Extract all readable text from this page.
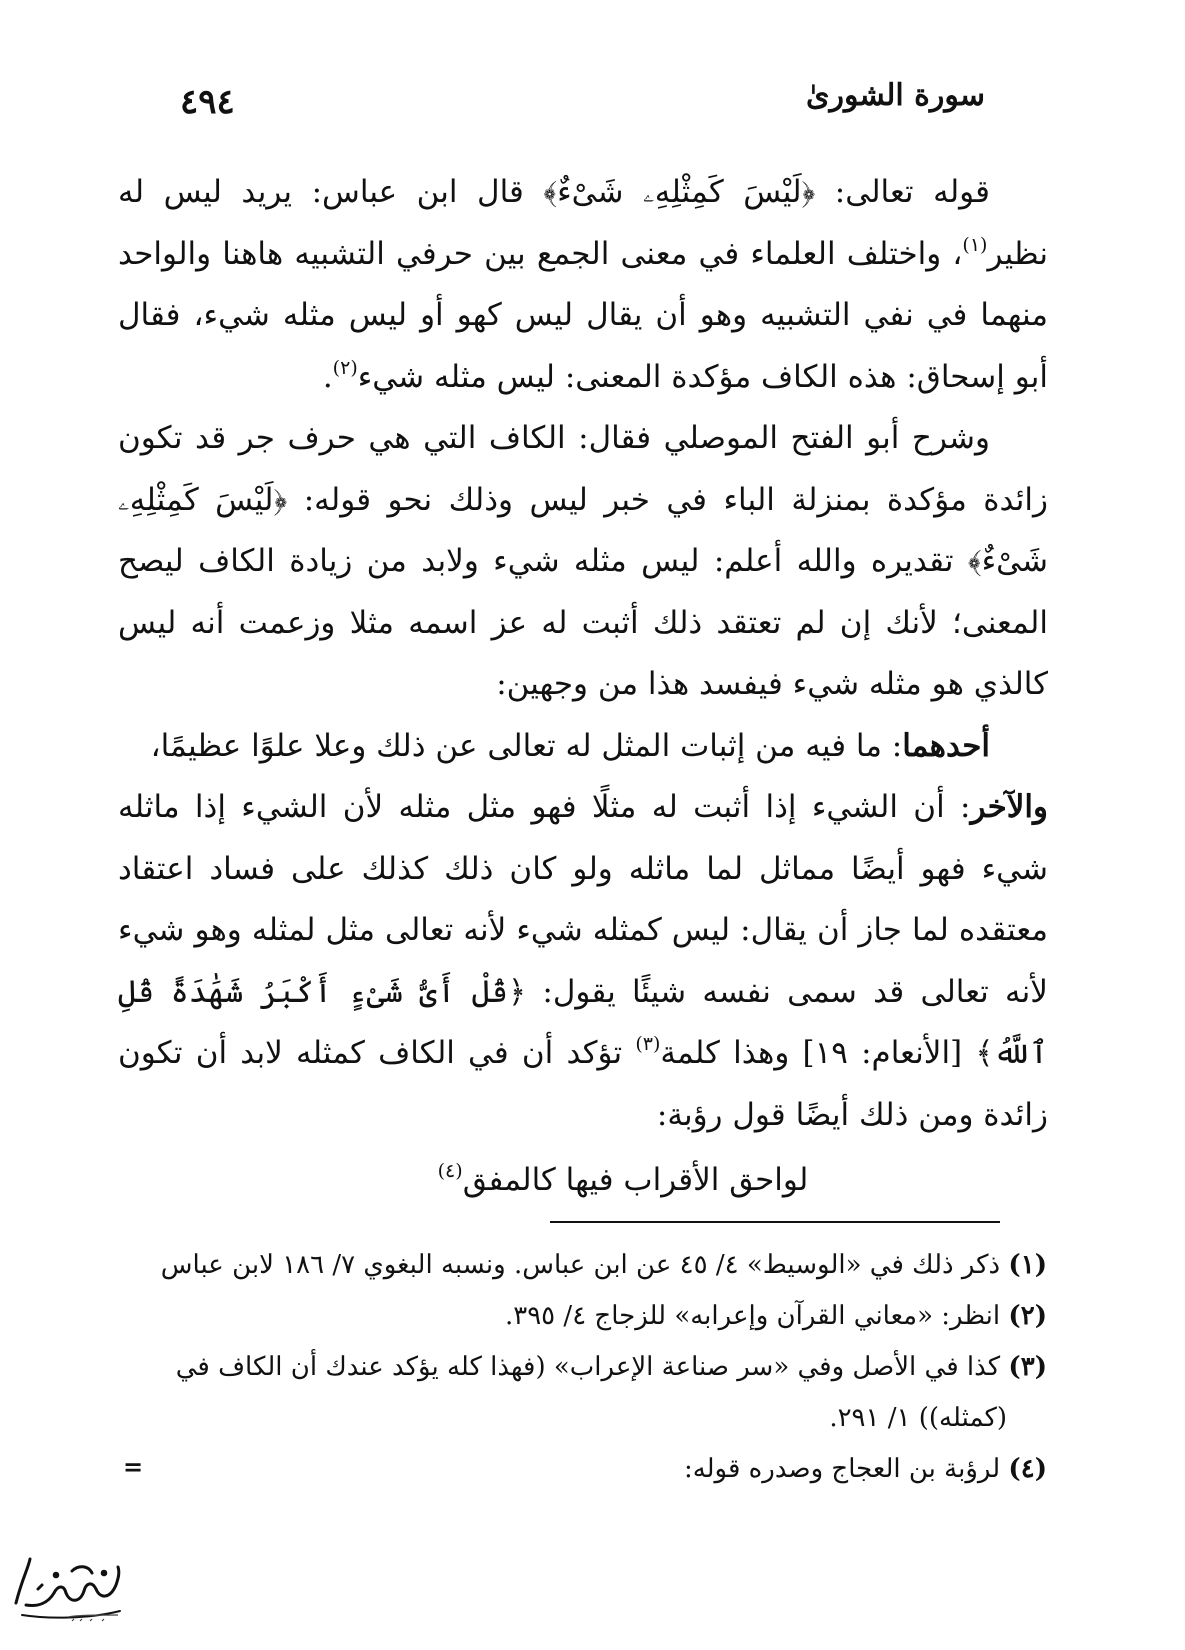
سورة الشورىٰ
٤٩٤

قوله تعالى: ﴿لَيْسَ كَمِثْلِهِۦ شَىْءٌ﴾ قال ابن عباس: يريد ليس له نظير$^{(١)}$، واختلف العلماء في معنى الجمع بين حرفي التشبيه هاهنا والواحد منهما في نفي التشبيه وهو أن يقال ليس كهو أو ليس مثله شيء، فقال أبو إسحاق: هذه الكاف مؤكدة المعنى: ليس مثله شيء$^{(٢)}$.

وشرح أبو الفتح الموصلي فقال: الكاف التي هي حرف جر قد تكون زائدة مؤكدة بمنزلة الباء في خبر ليس وذلك نحو قوله: ﴿لَيْسَ كَمِثْلِهِۦ شَىْءٌ﴾ تقديره والله أعلم: ليس مثله شيء ولابد من زيادة الكاف ليصح المعنى؛ لأنك إن لم تعتقد ذلك أثبت له عز اسمه مثلا وزعمت أنه ليس كالذي هو مثله شيء فيفسد هذا من وجهين:

أحدهما: ما فيه من إثبات المثل له تعالى عن ذلك وعلا علوًا عظيمًا،

والآخر: أن الشيء إذا أثبت له مثلًا فهو مثل مثله لأن الشيء إذا ماثله شيء فهو أيضًا مماثل لما ماثله ولو كان ذلك كذلك على فساد اعتقاد معتقده لما جاز أن يقال: ليس كمثله شيء لأنه تعالى مثل لمثله وهو شيء لأنه تعالى قد سمى نفسه شيئًا يقول: ﴿قُلْ أَىُّ شَىْءٍ أَكْبَرُ شَهَٰدَةً قُلِ ٱللَّهُ﴾ [الأنعام: ١٩] وهذا كلمة$^{(٣)}$ تؤكد أن في الكاف كمثله لابد أن تكون زائدة ومن ذلك أيضًا قول رؤبة:

لواحق الأقراب فيها كالمفق$^{(٤)}$

(١) ذكر ذلك في «الوسيط» ٤/ ٤٥ عن ابن عباس. ونسبه البغوي ٧/ ١٨٦ لابن عباس

(٢) انظر: «معاني القرآن وإعرابه» للزجاج ٤/ ٣٩٥.

(٣) كذا في الأصل وفي «سر صناعة الإعراب» (فهذا كله يؤكد عندك أن الكاف في

(كمثله)) ١/ ٢٩١.

(٤) لرؤبة بن العجاج وصدره قوله:

=
